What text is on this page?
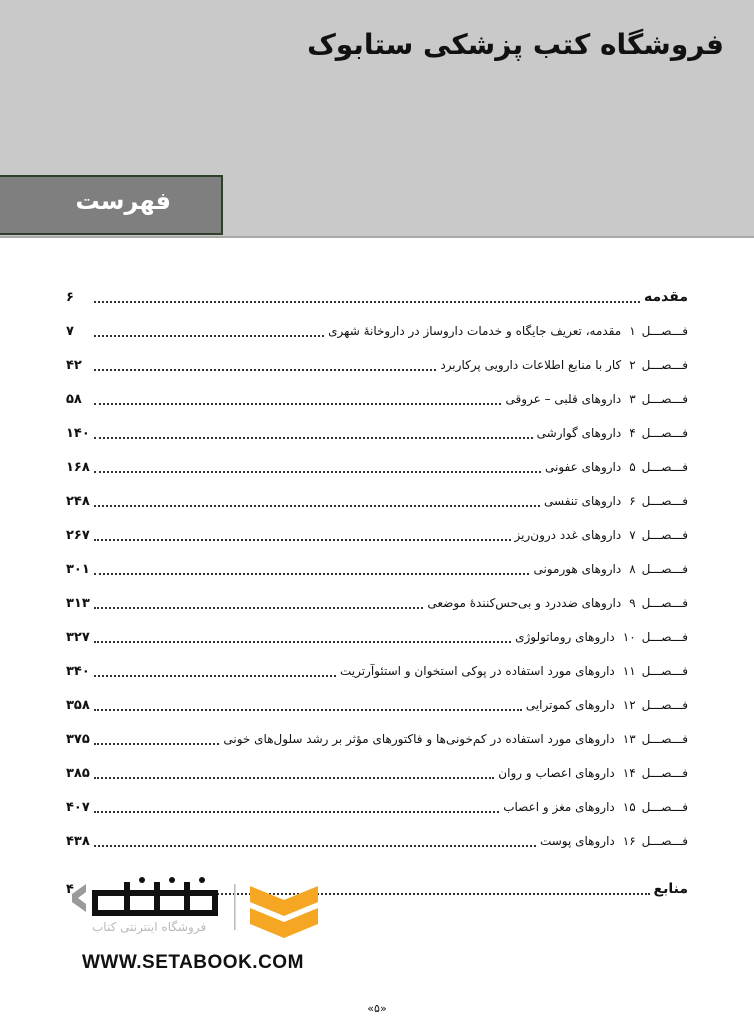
فروشگاه کتب پزشکی ستابوک
فهرست
مقدمه
۶
فـــصـــل۱مقدمه، تعریف جایگاه و خدمات داروساز در داروخانهٔ شهری
۷
فـــصـــل۲کار با منابع اطلاعات دارویی پرکاربرد
۴۲
فـــصـــل۳داروهای قلبی – عروقی
۵۸
فـــصـــل۴داروهای گوارشی
۱۴۰
فـــصـــل۵داروهای عفونی
۱۶۸
فـــصـــل۶داروهای تنفسی
۲۴۸
فـــصـــل۷داروهای غدد درون‌ریز
۲۶۷
فـــصـــل۸داروهای هورمونی
۳۰۱
فـــصـــل۹داروهای ضددرد و بی‌حس‌کنندهٔ موضعی
۳۱۳
فـــصـــل۱۰داروهای روماتولوژی
۳۲۷
فـــصـــل۱۱داروهای مورد استفاده در پوکی استخوان و استئوآرتریت
۳۴۰
فـــصـــل۱۲داروهای کموترایی
۳۵۸
فـــصـــل۱۳داروهای مورد استفاده در کم‌خونی‌ها و فاکتورهای مؤثر بر رشد سلول‌های خونی
۳۷۵
فـــصـــل۱۴داروهای اعصاب و روان
۳۸۵
فـــصـــل۱۵داروهای مغز و اعصاب
۴۰۷
فـــصـــل۱۶داروهای پوست
۴۳۸
منابع
۴
فروشگاه اینترنتی کتاب
WWW.SETABOOK.COM
«۵»
